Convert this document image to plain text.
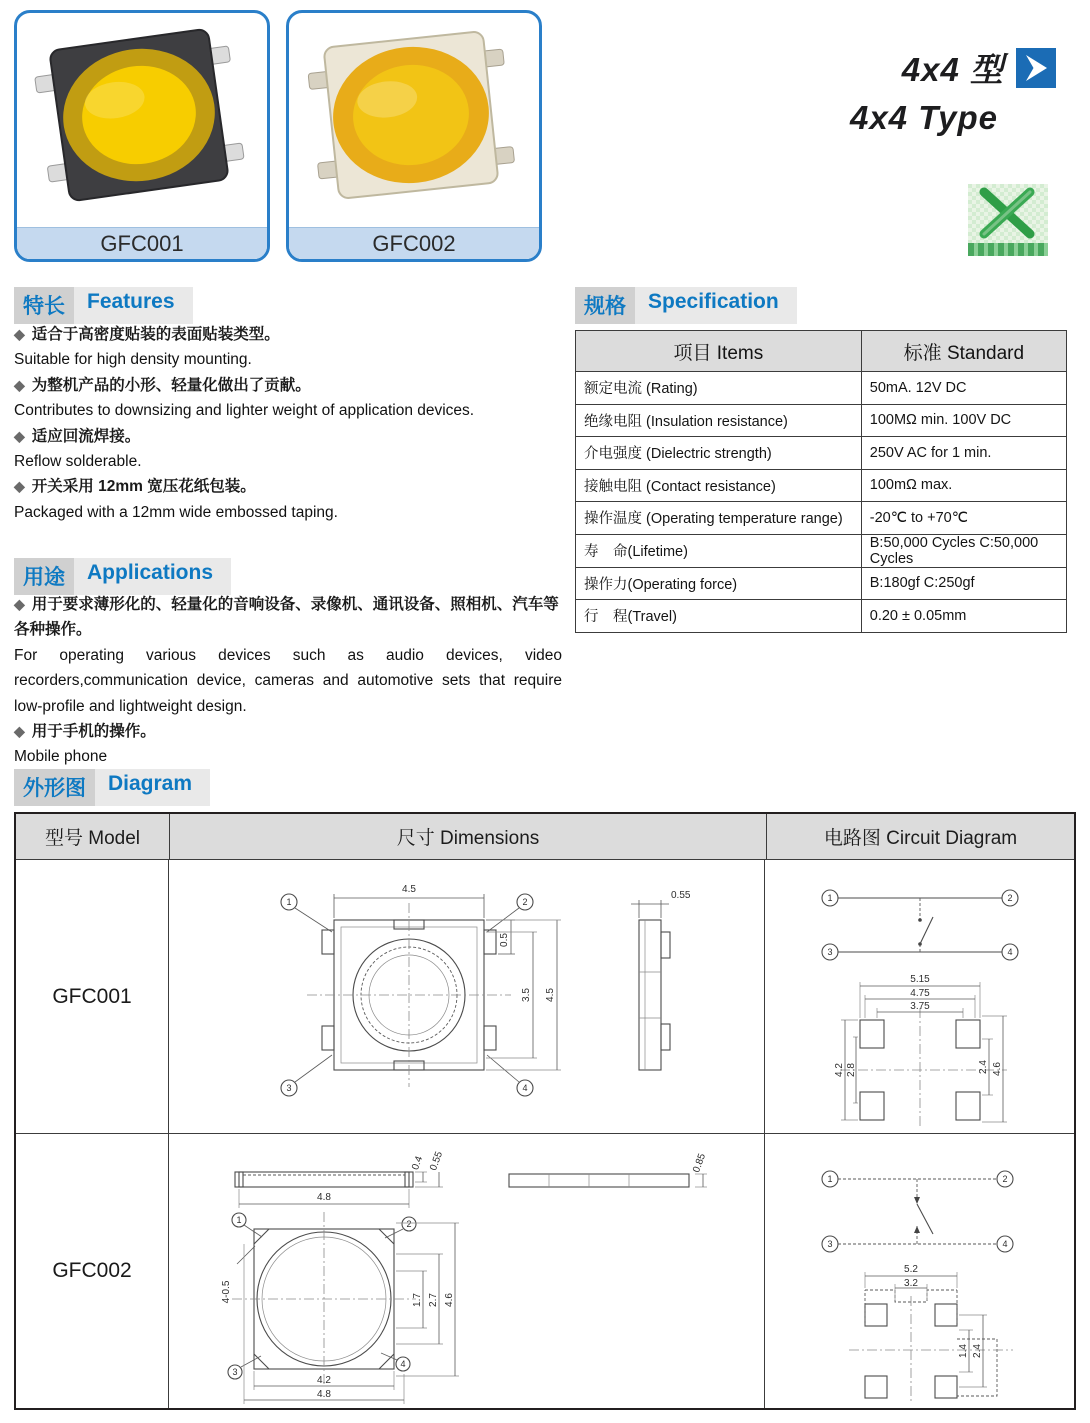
GFC001	GFC002
4x4 型
4x4 Type
特长	Features

◆ 适合于高密度贴装的表面贴装类型。

Suitable for high density mounting.

◆ 为整机产品的小形、轻量化做出了贡献。

Contributes to downsizing and lighter weight of application devices.

◆ 适应回流焊接。

Reflow solderable.

◆ 开关采用 12mm 宽压花纸包装。

Packaged with a 12mm wide embossed taping.

用途	Applications

◆ 用于要求薄形化的、轻量化的音响设备、录像机、通讯设备、照相机、汽车等各种操作。

For operating various devices such as audio devices, video recorders,communication device, cameras and automotive sets that require low-profile and lightweight design.

◆ 用于手机的操作。

Mobile phone

规格	Specification
项目 Items	标准 Standard
额定电流 (Rating)	50mA. 12V DC
绝缘电阻 (Insulation resistance)	100MΩ min. 100V DC
介电强度 (Dielectric strength)	250V AC for 1 min.
接触电阻 (Contact resistance)	100mΩ max.
操作温度 (Operating temperature range)	-20℃ to +70℃
寿　命(Lifetime)	B:50,000 Cycles C:50,000 Cycles
操作力(Operating force)	B:180gf C:250gf
行　程(Travel)	0.20 ± 0.05mm
外形图	Diagram
型号 Model	尺寸 Dimensions	电路图 Circuit Diagram
GFC001
1	2
3	4
4.5
0.5
3.5 4.5
0.55	1	2
3	4
5.15
4.75
3.75
4.2 2.8	2.4 4.6
GFC002
4.8
0.4 0.55	0.85
1	2
3
4
4-0.5	1.7 2.7 4.6
4.2
4.8
1	2
3	4
5.2
3.2
2.4
1.4
